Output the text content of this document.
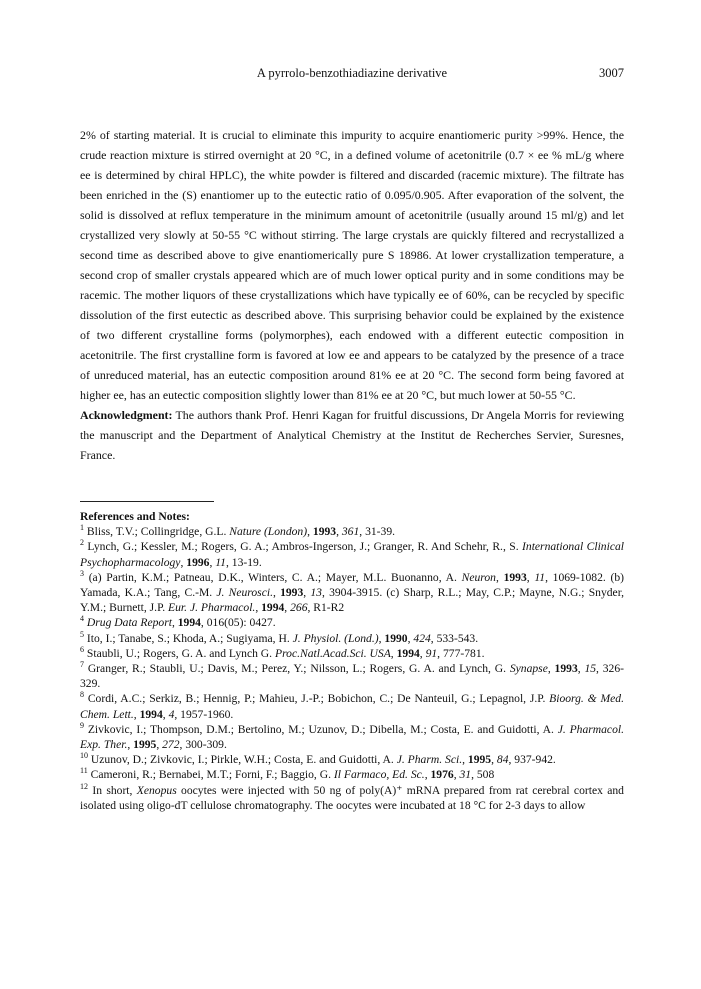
A pyrrolo-benzothiadiazine derivative	3007

2% of starting material. It is crucial to eliminate this impurity to acquire enantiomeric purity >99%. Hence, the crude reaction mixture is stirred overnight at 20 °C, in a defined volume of acetonitrile (0.7 × ee % mL/g where ee is determined by chiral HPLC), the white powder is filtered and discarded (racemic mixture). The filtrate has been enriched in the (S) enantiomer up to the eutectic ratio of 0.095/0.905. After evaporation of the solvent, the solid is dissolved at reflux temperature in the minimum amount of acetonitrile (usually around 15 ml/g) and let crystallized very slowly at 50-55 °C without stirring. The large crystals are quickly filtered and recrystallized a second time as described above to give enantiomerically pure S 18986. At lower crystallization temperature, a second crop of smaller crystals appeared which are of much lower optical purity and in some conditions may be racemic. The mother liquors of these crystallizations which have typically ee of 60%, can be recycled by specific dissolution of the first eutectic as described above. This surprising behavior could be explained by the existence of two different crystalline forms (polymorphes), each endowed with a different eutectic composition in acetonitrile. The first crystalline form is favored at low ee and appears to be catalyzed by the presence of a trace of unreduced material, has an eutectic composition around 81% ee at 20 °C. The second form being favored at higher ee, has an eutectic composition slightly lower than 81% ee at 20 °C, but much lower at 50-55 °C.

Acknowledgment: The authors thank Prof. Henri Kagan for fruitful discussions, Dr Angela Morris for reviewing the manuscript and the Department of Analytical Chemistry at the Institut de Recherches Servier, Suresnes, France.

References and Notes:

$^1$ Bliss, T.V.; Collingridge, G.L. Nature (London), 1993, 361, 31-39.

$^2$ Lynch, G.; Kessler, M.; Rogers, G. A.; Ambros-Ingerson, J.; Granger, R. And Schehr, R., S. International Clinical Psychopharmacology, 1996, 11, 13-19.

$^3$ (a) Partin, K.M.; Patneau, D.K., Winters, C. A.; Mayer, M.L. Buonanno, A. Neuron, 1993, 11, 1069-1082. (b) Yamada, K.A.; Tang, C.-M. J. Neurosci., 1993, 13, 3904-3915. (c) Sharp, R.L.; May, C.P.; Mayne, N.G.; Snyder, Y.M.; Burnett, J.P. Eur. J. Pharmacol., 1994, 266, R1-R2

$^4$ Drug Data Report, 1994, 016(05): 0427.

$^5$ Ito, I.; Tanabe, S.; Khoda, A.; Sugiyama, H. J. Physiol. (Lond.), 1990, 424, 533-543.

$^6$ Staubli, U.; Rogers, G. A. and Lynch G. Proc.Natl.Acad.Sci. USA, 1994, 91, 777-781.

$^7$ Granger, R.; Staubli, U.; Davis, M.; Perez, Y.; Nilsson, L.; Rogers, G. A. and Lynch, G. Synapse, 1993, 15, 326-329.

$^8$ Cordi, A.C.; Serkiz, B.; Hennig, P.; Mahieu, J.-P.; Bobichon, C.; De Nanteuil, G.; Lepagnol, J.P. Bioorg. & Med. Chem. Lett., 1994, 4, 1957-1960.

$^9$ Zivkovic, I.; Thompson, D.M.; Bertolino, M.; Uzunov, D.; Dibella, M.; Costa, E. and Guidotti, A. J. Pharmacol. Exp. Ther., 1995, 272, 300-309.

$^{10}$ Uzunov, D.; Zivkovic, I.; Pirkle, W.H.; Costa, E. and Guidotti, A. J. Pharm. Sci., 1995, 84, 937-942.

$^{11}$ Cameroni, R.; Bernabei, M.T.; Forni, F.; Baggio, G. Il Farmaco, Ed. Sc., 1976, 31, 508

$^{12}$ In short, Xenopus oocytes were injected with 50 ng of poly(A)⁺ mRNA prepared from rat cerebral cortex and isolated using oligo-dT cellulose chromatography. The oocytes were incubated at 18 °C for 2-3 days to allow
